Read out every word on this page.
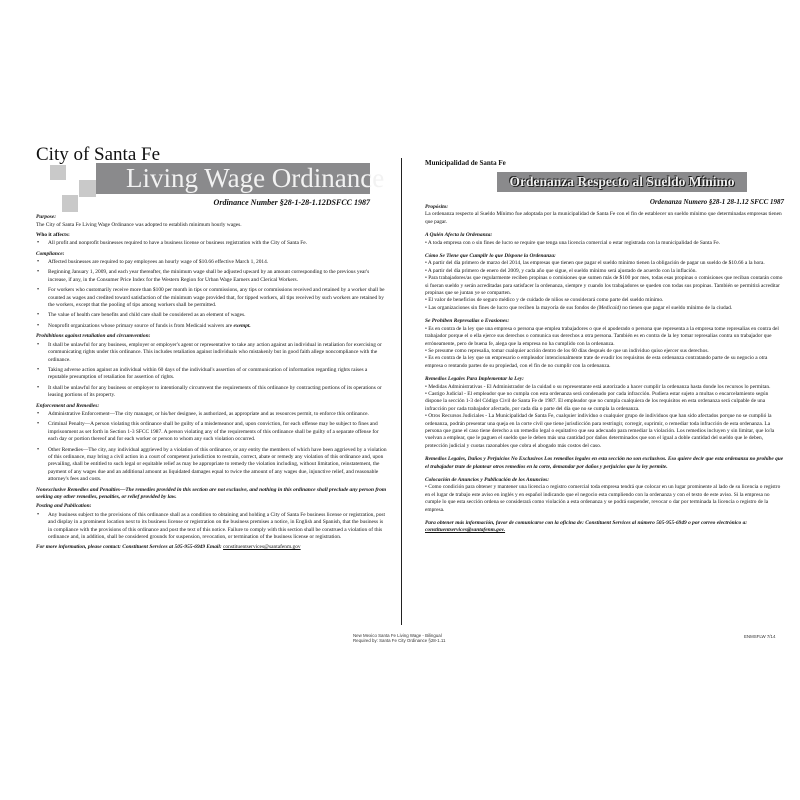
City of Santa Fe
Living Wage Ordinance
Ordinance Number §28-1-28-1.12DSFCC 1987
Purpose:

The City of Santa Fe Living Wage Ordinance was adopted to establish minimum hourly wages.

Who it affects:
• All profit and nonprofit businesses required to have a business license or business registration with the City of Santa Fe.
Compliance:
• Affected businesses are required to pay employees an hourly wage of $10.66 effective March 1, 2014.
• Beginning January 1, 2009, and each year thereafter, the minimum wage shall be adjusted upward by an amount corresponding to the previous year's increase, if any, in the Consumer Price Index for the Western Region for Urban Wage Earners and Clerical Workers.
• For workers who customarily receive more than $100 per month in tips or commissions, any tips or commissions received and retained by a worker shall be counted as wages and credited toward satisfaction of the minimum wage provided that, for tipped workers, all tips received by such workers are retained by the workers, except that the pooling of tips among workers shall be permitted.
• The value of health care benefits and child care shall be considered as an element of wages.
• Nonprofit organizations whose primary source of funds is from Medicaid waivers are exempt.
Prohibitions against retaliation and circumvention:
• It shall be unlawful for any business, employer or employer's agent or representative to take any action against an individual in retaliation for exercising or communicating rights under this ordinance. This includes retaliation against individuals who mistakenly but in good faith allege noncompliance with the ordinance.
• Taking adverse action against an individual within 60 days of the individual's assertion of or communication of information regarding rights raises a reputable presumption of retaliation for assertion of rights.
• It shall be unlawful for any business or employer to intentionally circumvent the requirements of this ordinance by contracting portions of its operations or leasing portions of its property.
Enforcement and Remedies:
• Administrative Enforcement—The city manager, or his/her designee, is authorized, as appropriate and as resources permit, to enforce this ordinance.
• Criminal Penalty—A person violating this ordinance shall be guilty of a misdemeanor and, upon conviction, for each offense may be subject to fines and imprisonment as set forth in Section 1-3 SFCC 1987. A person violating any of the requirements of this ordinance shall be guilty of a separate offense for each day or portion thereof and for each worker or person to whom any such violation occurred.
• Other Remedies—The city, any individual aggrieved by a violation of this ordinance, or any entity the members of which have been aggrieved by a violation of this ordinance, may bring a civil action in a court of competent jurisdiction to restrain, correct, abate or remedy any violation of this ordinance and, upon prevailing, shall be entitled to such legal or equitable relief as may be appropriate to remedy the violation including, without limitation, reinstatement, the payment of any wages due and an additional amount as liquidated damages equal to twice the amount of any wages due, injunctive relief, and reasonable attorney's fees and costs.
Nonexclusive Remedies and Penalties—The remedies provided in this section are not exclusive, and nothing in this ordinance shall preclude any person from seeking any other remedies, penalties, or relief provided by law.
Posting and Publication:
• Any business subject to the provisions of this ordinance shall as a condition to obtaining and holding a City of Santa Fe business license or registration, post and display in a prominent location next to its business license or registration on the business premises a notice, in English and Spanish, that the business is in compliance with the provisions of this ordinance and post the text of this notice. Failure to comply with this section shall be construed a violation of this ordinance and, in addition, shall be considered grounds for suspension, revocation, or termination of the business license or registration.
For more information, please contact: Constituent Services at 505-955-6949 Email: constituentservices@santafenm.gov
Municipalidad de Santa Fe
Ordenanza Respecto al Sueldo Mínimo
Ordenanza Numero §28-1 28-1.12 SFCC 1987
Propósito:

La ordenanza respecto al Sueldo Mínimo fue adoptada por la municipalidad de Santa Fe con el fin de establecer un sueldo mínimo que determinadas empresas tienen que pagar.

A Quién Afecta la Ordenanza:

• A toda empresa con o sin fines de lucro se require que tenga una licencia comercial o estar registrada con la municipalidad de Santa Fe.

Cómo Se Tiene que Cumplir lo que Dispone la Ordenanza:

• A partir del día primero de marzo del 2014, las empresas que tienen que pagar el sueldo mínimo tienen la obligación de pagar un sueldo de $10.66 a la hora.

• A partir del día primero de enero del 2009, y cada año que sigue, el sueldo mínimo será ajustado de acuerdo con la inflación.

• Para trabajadores/as que regularmente reciben propinas o comisiones que sumen más de $100 por mes, todas esas propinas o comisiones que reciban contarán como si fueran sueldo y serán acreditadas para satisfacer la ordenanza, siempre y cuando los trabajadores se queden con todas sus propinas. También se permitirá acreditar propinas que se juntan ye se comparten.

• El valor de beneficios de seguro médico y de cuidado de niños se considerará como parte del sueldo mínimo.

• Las organizaciones sin fines de lucro que reciben la mayoría de sus fondos de (Medicaid) no tienen que pagar el sueldo mínimo de la ciudad.

Se Prohiben Represalias o Evasiones:

• Es en contra de la ley que una empresa o persona que emplea trabajadores o que el apoderado o persona que representa a la empresa tome represalias en contra del trabajador porque el o ella ejerce sus derechos o comunica sus derechos a otra persona. También es en contra de la ley tomar represalias contra un trabajador que erróneamente, pero de buena fe, alega que la empresa no ha cumplido con la ordenanza.

• Se presume como represalia, tomar cualquier acción dentro de los 60 días después de que un individuo quiso ejercer sus derechos.

• Es en contra de la ley que un empresario o empleador intencionalmente trate de evadir los requisitos de esta ordenanza contratando parte de su negocio a otra empresa o rentando partes de su propiedad, con el fin de no cumplir con la ordenanza.

Remedios Legales Para Implementar la Ley:

• Medidas Administrativas - El Administrador de la cuidad o su representante está autorizado a hacer cumplir la ordenanza hasta donde los recursos lo permitan.

• Castigo Judicial - El empleador que no cumpla con esta ordenanza será condenado por cada infracción. Pudiera estar sujeto a multas o encarcelamiento según dispone la sección 1-3 del Código Civil de Santa Fe de 1987. El empleador que no cumpla cualquiera de los requisitos en esta ordenanza será culpable de una infracción por cada trabajador afectado, por cada día o parte del día que no se cumpla la ordenanza.

• Otros Recursos Judiciales - La Municipalidad de Santa Fe, cualquier individuo o cualquier grupo de individuos que han sido afectados porque no se cumplió la ordenanza, podrán presentar una queja en la corte civil que tiene jurisdicción para restringir, corregir, suprimir, o remediar toda infracción de esta ordenanza. La persona que gane el caso tiene derecho a un remedio legal o equitativo que sea adecuado para remediar la violación. Los remedios incluyen y sin limitar, que lo/la vuelvan a emplear, que le paguen el sueldo que le deben más una cantidad por daños determinados que son el igual a doble cantidad del sueldo que le deben, protección judicial y cuotas razonables que cobra el abogado más costos del caso.

Remedios Legales, Daños y Perjuicios No Exclusivos Los remedios legales en esta sección no son exclusivos. Eso quiere decir que esta ordenanza no prohíbe que el trabajador trate de plantear otros remedios en la corte, demandar por daños y perjuicios que la ley permite.
Colocación de Anuncios y Publicación de los Anuncios:

• Como condición para obtener y mantener una licencia o registro comercial toda empresa tendrá que colocar en un lugar prominente al lado de su licencia o registro en el lugar de trabajo este aviso en inglés y en español indicando que el negocio esta cumpliendo con la ordenanza y con el texto de este aviso. Si la empresa no cumple lo que esta sección ordena se considerará como violación a esta ordenanza y se podrá suspender, revocar o dar por terminada la licencia o registro de la empresa.

Para obtener más información, favor de comunicarse con la oficina de: Constituent Services al número 505-955-6949 o por correo electrónico a: constituentservices@santafenm.gov.
New Mexico Santa Fe Living Wage - Bilingual
Required by: Santa Fe City Ordinance §28-1.11
ENMSFLW 7/14
